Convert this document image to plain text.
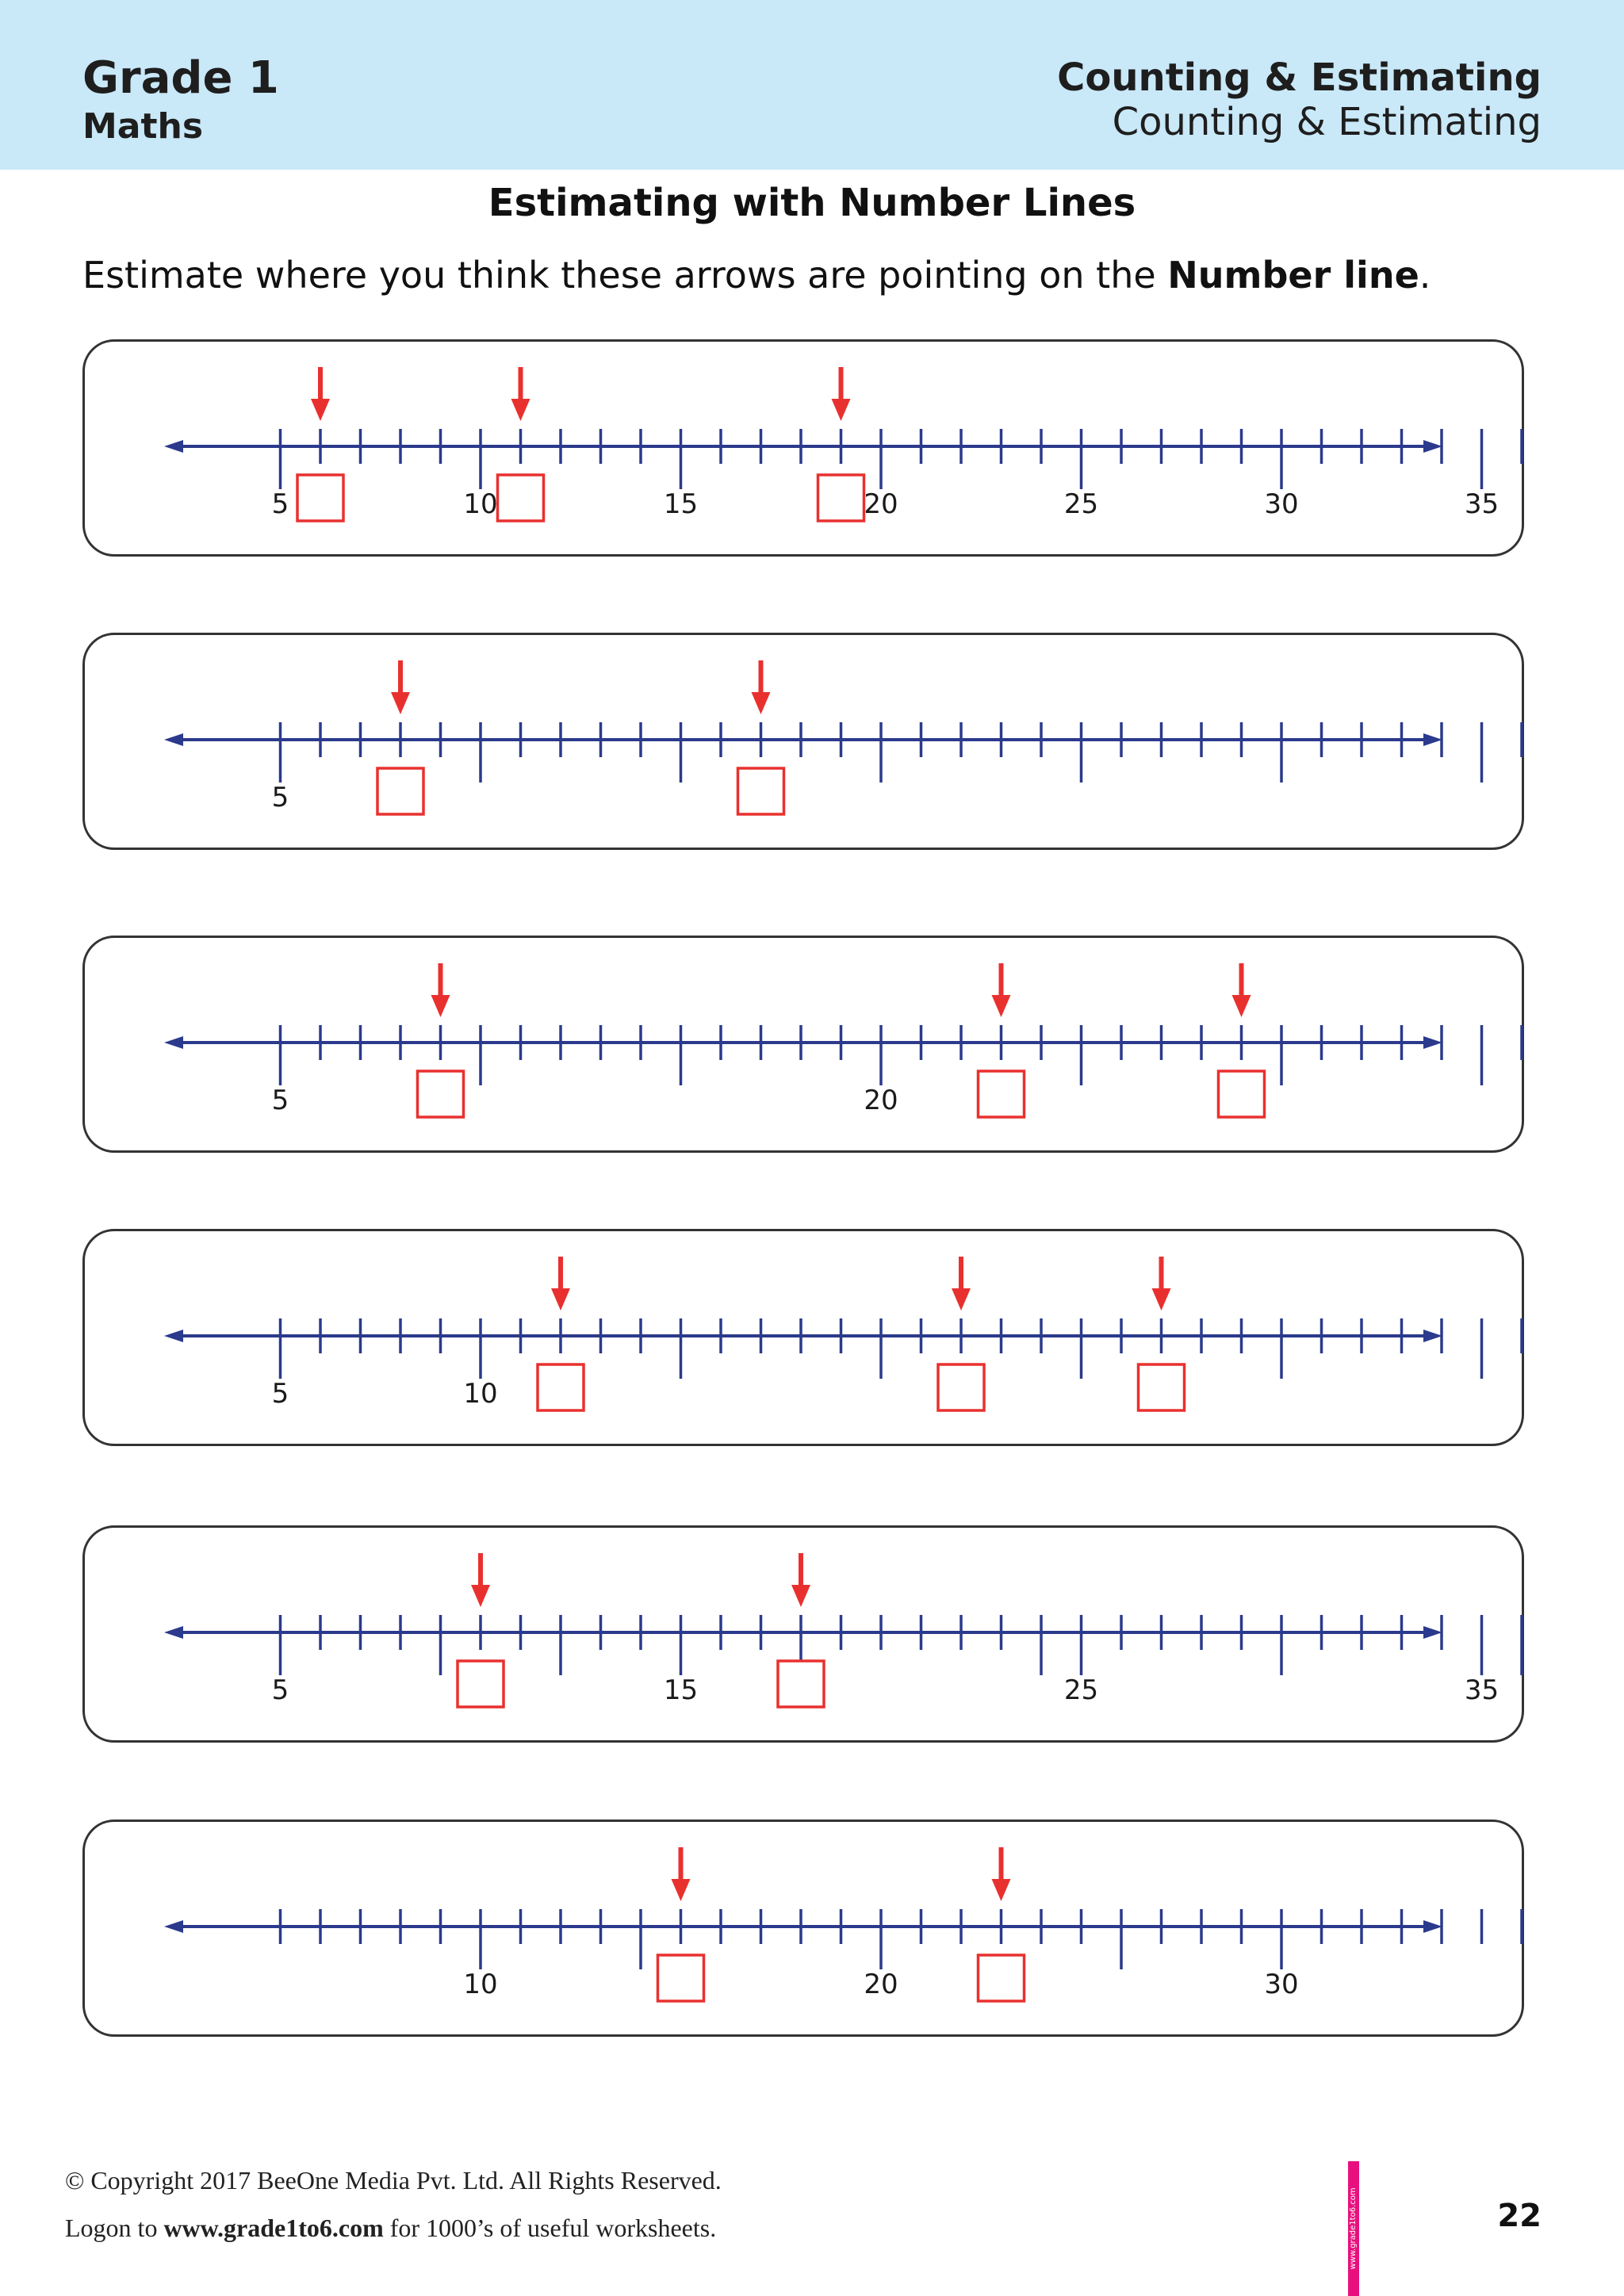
Grade 1
Maths
Counting & Estimating
Counting & Estimating
Estimating with Number Lines
Estimate where you think these arrows are pointing on the Number line.
5	10	15	20	25	30	35
5
5	20
5	10
5	15	25	35
10	20	30
© Copyright 2017 BeeOne Media Pvt. Ltd. All Rights Reserved.
Logon to www.grade1to6.com for 1000’s of useful worksheets.	www.grade1to6.com	22
